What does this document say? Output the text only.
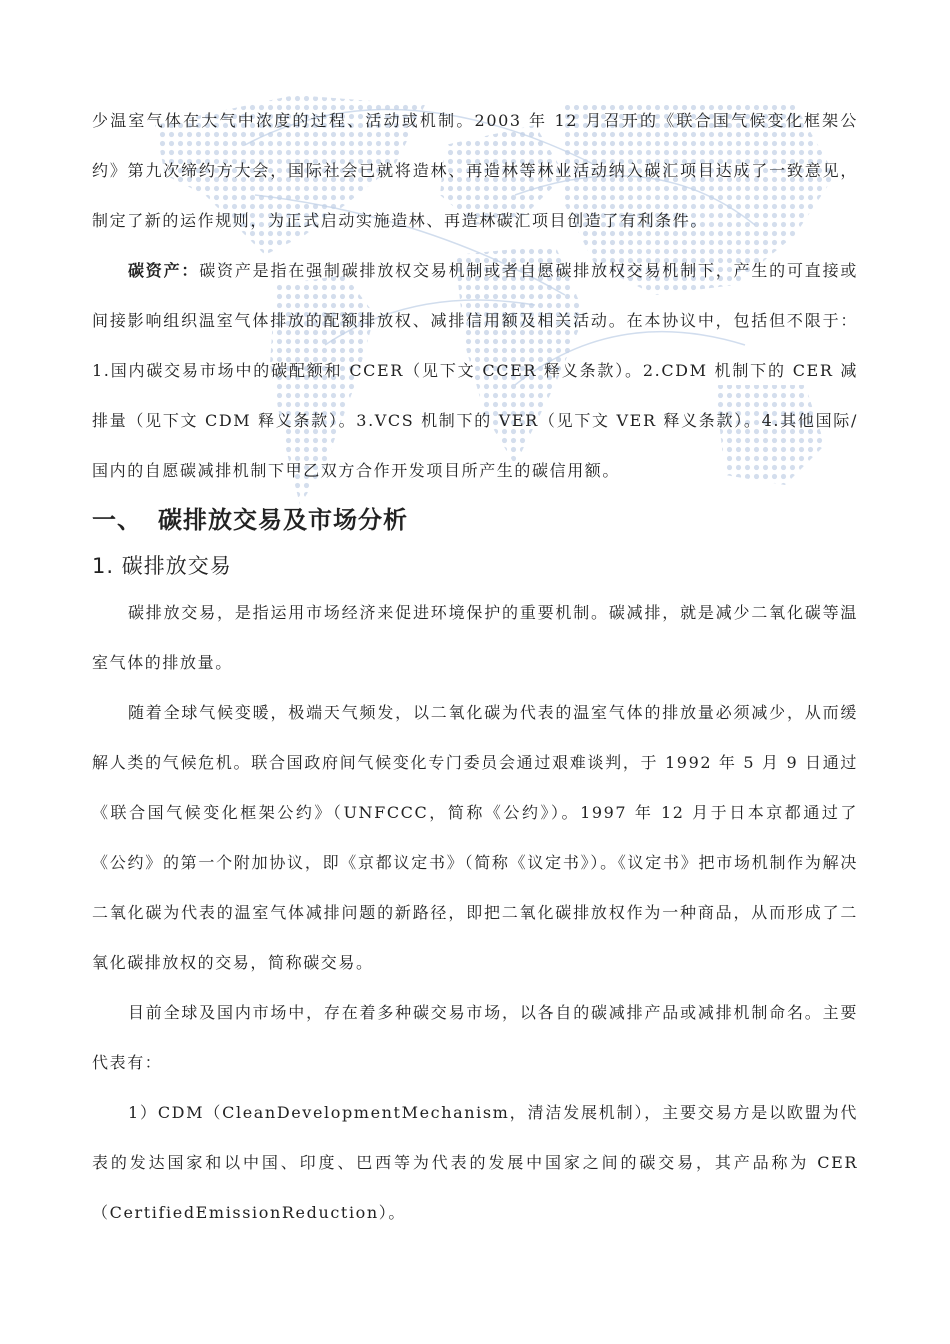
少温室气体在大气中浓度的过程、活动或机制。2003 年 12 月召开的《联合国气候变化框架公约》第九次缔约方大会，国际社会已就将造林、再造林等林业活动纳入碳汇项目达成了一致意见，制定了新的运作规则，为正式启动实施造林、再造林碳汇项目创造了有利条件。

碳资产：碳资产是指在强制碳排放权交易机制或者自愿碳排放权交易机制下，产生的可直接或间接影响组织温室气体排放的配额排放权、减排信用额及相关活动。在本协议中，包括但不限于：1.国内碳交易市场中的碳配额和 CCER（见下文 CCER 释义条款）。2.CDM 机制下的 CER 减排量（见下文 CDM 释义条款）。3.VCS 机制下的 VER（见下文 VER 释义条款）。4.其他国际/国内的自愿碳减排机制下甲乙双方合作开发项目所产生的碳信用额。

一、 碳排放交易及市场分析
1. 碳排放交易

碳排放交易，是指运用市场经济来促进环境保护的重要机制。碳减排，就是减少二氧化碳等温室气体的排放量。

随着全球气候变暖，极端天气频发，以二氧化碳为代表的温室气体的排放量必须减少，从而缓解人类的气候危机。联合国政府间气候变化专门委员会通过艰难谈判，于 1992 年 5 月 9 日通过《联合国气候变化框架公约》（UNFCCC，简称《公约》）。1997 年 12 月于日本京都通过了《公约》的第一个附加协议，即《京都议定书》（简称《议定书》）。《议定书》把市场机制作为解决二氧化碳为代表的温室气体减排问题的新路径，即把二氧化碳排放权作为一种商品，从而形成了二氧化碳排放权的交易，简称碳交易。

目前全球及国内市场中，存在着多种碳交易市场，以各自的碳减排产品或减排机制命名。主要代表有：

1）CDM（CleanDevelopmentMechanism，清洁发展机制），主要交易方是以欧盟为代表的发达国家和以中国、印度、巴西等为代表的发展中国家之间的碳交易，其产品称为 CER（CertifiedEmissionReduction）。
